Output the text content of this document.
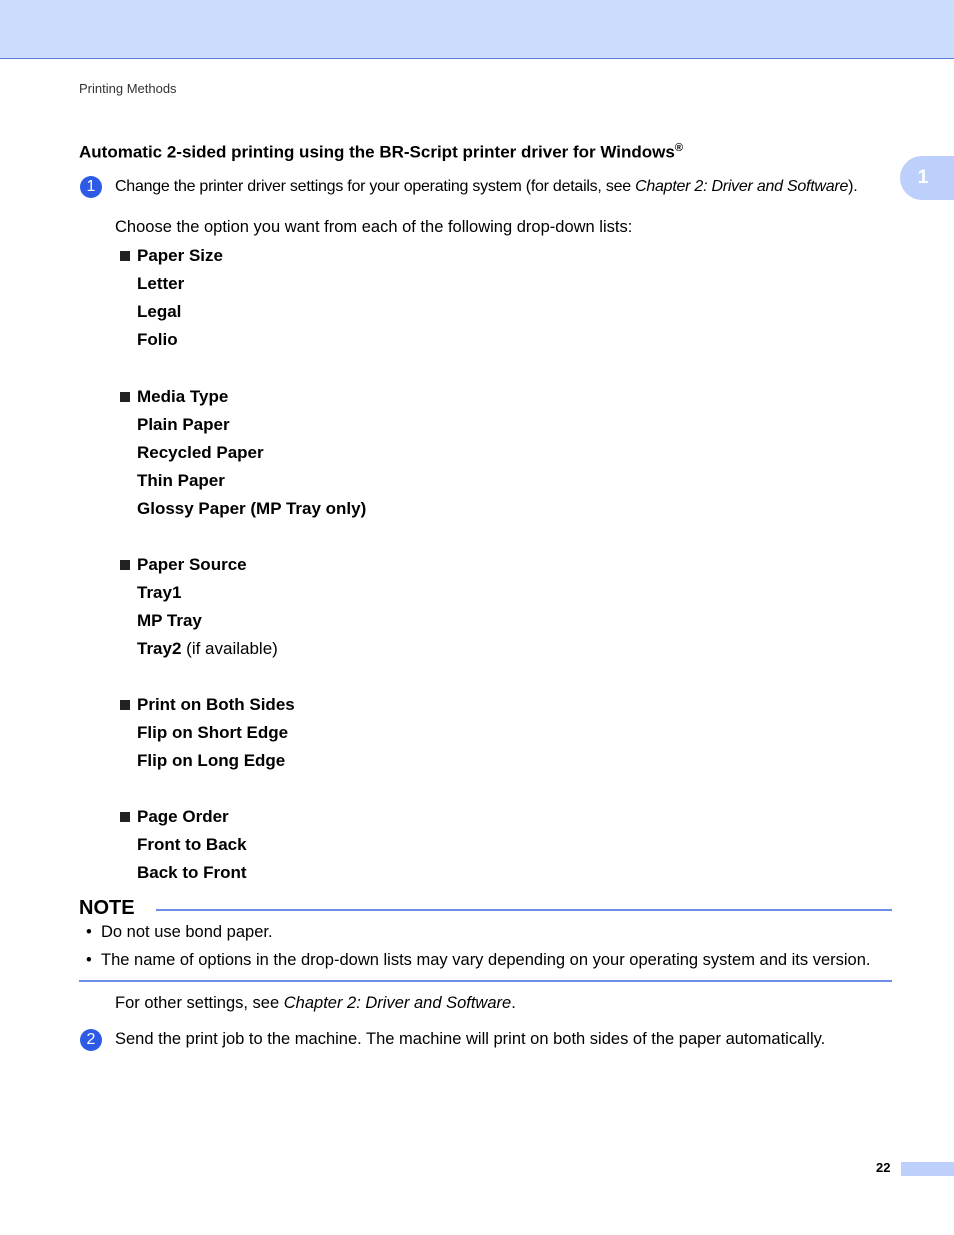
Printing Methods
1
Automatic 2-sided printing using the BR-Script printer driver for Windows®
1	Change the printer driver settings for your operating system (for details, see Chapter 2: Driver and Software).
Choose the option you want from each of the following drop-down lists:
Paper Size
Letter
Legal
Folio
Media Type
Plain Paper
Recycled Paper
Thin Paper
Glossy Paper (MP Tray only)
Paper Source
Tray1
MP Tray
Tray2 (if available)
Print on Both Sides
Flip on Short Edge
Flip on Long Edge
Page Order
Front to Back
Back to Front
NOTE
• Do not use bond paper.
• The name of options in the drop-down lists may vary depending on your operating system and its version.
For other settings, see Chapter 2: Driver and Software.
2	Send the print job to the machine. The machine will print on both sides of the paper automatically.
22
